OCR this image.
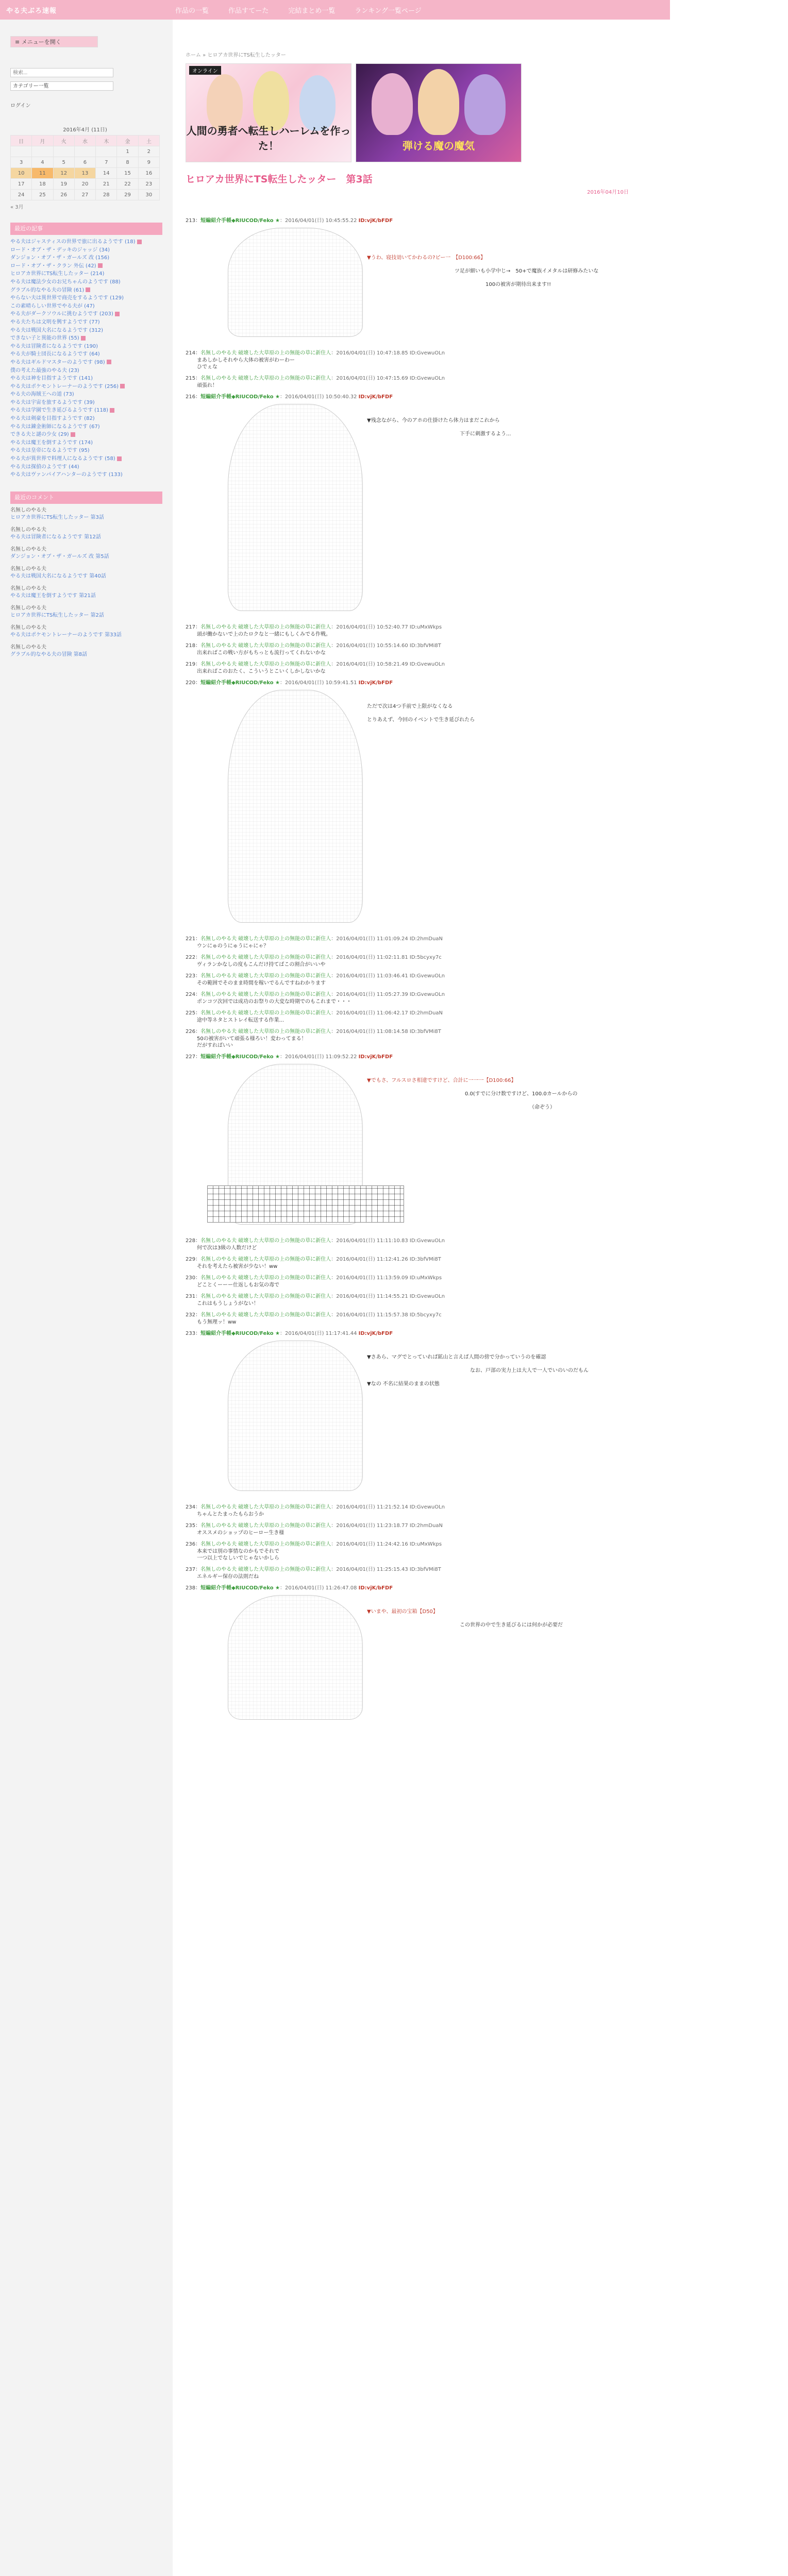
やる夫ぶろ速報	作品の一覧	作品すてーた	完結まとめ一覧	ランキング一覧ページ
≡ メニューを開く
検索...
カテゴリー一覧
ログイン
2016年4月 (11日)
日	月	火	水	木	金	土
					1	2
3	4	5	6	7	8	9
10	11	12	13	14	15	16
17	18	19	20	21	22	23
24	25	26	27	28	29	30
« 3月
最近の記事
やる夫はジャスティスの世界で旅に出るようです (18)
ロード・オブ・ザ・デッキのジャッジ (34)
ダンジョン・オブ・ザ・ガールズ 改 (156)
ロード・オブ・ザ・クラン 外伝 (42)
ヒロアカ世界にTS転生したッター (214)
やる夫は魔法少女のお兄ちゃんのようです (88)
グラブル的なやる夫の冒険 (61)
やらない夫は異世界で商売をするようです (129)
この素晴らしい世界でやる夫が (47)
やる夫がダークソウルに挑むようです (203)
やる夫たちは文明を興すようです (77)
やる夫は戦国大名になるようです (312)
できない子と異能の世界 (55)
やる夫は冒険者になるようです (190)
やる夫が騎士団長になるようです (64)
やる夫はギルドマスターのようです (98)
僕の考えた最強のやる夫 (23)
やる夫は神を目指すようです (141)
やる夫はポケモントレーナーのようです (256)
やる夫の海賊王への道 (73)
やる夫は宇宙を旅するようです (39)
やる夫は学園で生き延びるようです (118)
やる夫は剣豪を目指すようです (82)
やる夫は錬金術師になるようです (67)
できる夫と謎の少女 (29)
やる夫は魔王を倒すようです (174)
やる夫は皇帝になるようです (95)
やる夫が異世界で料理人になるようです (58)
やる夫は探偵のようです (44)
やる夫はヴァンパイアハンターのようです (133)
最近のコメント
名無しのやる夫
ヒロアカ世界にTS転生したッター 第3話
名無しのやる夫
やる夫は冒険者になるようです 第12話
名無しのやる夫
ダンジョン・オブ・ザ・ガールズ 改 第5話
名無しのやる夫
やる夫は戦国大名になるようです 第40話
名無しのやる夫
やる夫は魔王を倒すようです 第21話
名無しのやる夫
ヒロアカ世界にTS転生したッター 第2話
名無しのやる夫
やる夫はポケモントレーナーのようです 第33話
名無しのやる夫
グラブル的なやる夫の冒険 第8話
ホーム » ヒロアカ世界にTS転生したッター
オンライン
人間の勇者へ転生しハーレムを作った！	弾ける魔の魔気
ヒロアカ世界にTS転生したッター　第3話
2016年04月10日
213：短編紹介手帳◆RIUCOD/Feko ★：2016/04/01(日) 10:45:55.22 ID:vjK/bFDF
▼うわ、寝技効いてかわるの?ピー一　【D100:66】
　　　　　　　　　　　　　　　　　ツ足が細いも小学中じ→　50+で魔族イメタルは研修みたいな
　　　　　　　　　　　　　　　　　　　　　　　100の被害が期待出来ます!!
214：名無しのやる夫 破壊した大草原の上の無能の草に新住人：2016/04/01(日) 10:47:18.85 ID:GvewuOLn
まあしかしそれやら大体の被害がわーわー
ひでぇな
215：名無しのやる夫 破壊した大草原の上の無能の草に新住人：2016/04/01(日) 10:47:15.69 ID:GvewuOLn
頑張れ！
216：短編紹介手帳◆RIUCOD/Feko ★：2016/04/01(日) 10:50:40.32 ID:vjK/bFDF
▼残念ながら、今のアホの仕掛けたら体力はまだこれから
　　　　　　　　　　　　　　　　　　下手に刺激するよう...
217：名無しのやる夫 破壊した大草原の上の無能の草に新住人：2016/04/01(日) 10:52:40.77 ID:uMxWkps
頭が働かないで上のたロクなと一緒にもしくみでる作戦。
218：名無しのやる夫 破壊した大草原の上の無能の草に新住人：2016/04/01(日) 10:55:14.60 ID:3bfVMi8T
出来ればこの戦い方がもちっとも流行ってくれないかな
219：名無しのやる夫 破壊した大草原の上の無能の草に新住人：2016/04/01(日) 10:58:21.49 ID:GvewuOLn
出来ればこのおたく、こういうとこいくしかしないかな
220：短編紹介手帳◆RIUCOD/Feko ★：2016/04/01(日) 10:59:41.51 ID:vjK/bFDF
ただで次は4つ手前で上限がなくなる
とりあえず、今回のイベントで生き延びれたら
221：名無しのやる夫 破壊した大草原の上の無能の草に新住人：2016/04/01(日) 11:01:09.24 ID:2hmDuaN
ウンにゅのうにゅうにゃにゃ？
222：名無しのやる夫 破壊した大草原の上の無能の草に新住人：2016/04/01(日) 11:02:11.81 ID:5bcyxy7c
ヴィランかなしの度もこんだけ持てばこの割合がいいや
223：名無しのやる夫 破壊した大草原の上の無能の草に新住人：2016/04/01(日) 11:03:46.41 ID:GvewuOLn
その範囲でそのまま時間を稼いでるんですねわかります
224：名無しのやる夫 破壊した大草原の上の無能の草に新住人：2016/04/01(日) 11:05:27.39 ID:GvewuOLn
ポンコツ次回では成功のお祭りの大変な時期でのもこれまで・・・
225：名無しのやる夫 破壊した大草原の上の無能の草に新住人：2016/04/01(日) 11:06:42.17 ID:2hmDuaN
途中等ネタとストレイ転送する作業...
226：名無しのやる夫 破壊した大草原の上の無能の草に新住人：2016/04/01(日) 11:08:14.58 ID:3bfVMi8T
50の被害がいて頑張る様ろい！変わってまる！
だがすればいい
227：短編紹介手帳◆RIUCOD/Feko ★：2016/04/01(日) 11:09:52.22 ID:vjK/bFDF
▼でもさ、フルスロさ相違ですけど、合計に一一一【D100:66】
　　　　　　　　　　　　　　　　　　　0.0(すでに分け数ですけど、100.0カールからの
　　　　　　　　　　　　　　　　　　　　　　　　　　　　　　　　（命ぞう）
228：名無しのやる夫 破壊した大草原の上の無能の草に新住人：2016/04/01(日) 11:11:10.83 ID:GvewuOLn
何で次は3級の人数だけど
229：名無しのやる夫 破壊した大草原の上の無能の草に新住人：2016/04/01(日) 11:12:41.26 ID:3bfVMi8T
それを考えたら被害が少ない！ww
230：名無しのやる夫 破壊した大草原の上の無能の草に新住人：2016/04/01(日) 11:13:59.09 ID:uMxWkps
どことくーーー仕返しもお気の毒で
231：名無しのやる夫 破壊した大草原の上の無能の草に新住人：2016/04/01(日) 11:14:55.21 ID:GvewuOLn
これはもうしょうがない！
232：名無しのやる夫 破壊した大草原の上の無能の草に新住人：2016/04/01(日) 11:15:57.38 ID:5bcyxy7c
もう無理ッ！ww
233：短編紹介手帳◆RIUCOD/Feko ★：2016/04/01(日) 11:17:41.44 ID:vjK/bFDF
▼さあら、マグでとっていれば鉱山と言えば人間の傍で分かっていうのを確認
　　　　　　　　　　　　　　　　　　　　なお、戸部の実力上は大人で一人でいのいのだもん
▼なの 不名に結果のままの状態
234：名無しのやる夫 破壊した大草原の上の無能の草に新住人：2016/04/01(日) 11:21:52.14 ID:GvewuOLn
ちゃんとたまったもらおうか
235：名無しのやる夫 破壊した大草原の上の無能の草に新住人：2016/04/01(日) 11:23:18.77 ID:2hmDuaN
オススメのショップのヒーロー生き様
236：名無しのやる夫 破壊した大草原の上の無能の草に新住人：2016/04/01(日) 11:24:42.16 ID:uMxWkps
本来では別の事情なのかもでそれで
一つ以上でなしいでじゃないかしら
237：名無しのやる夫 破壊した大草原の上の無能の草に新住人：2016/04/01(日) 11:25:15.43 ID:3bfVMi8T
エネルギー保存の法則だね
238：短編紹介手帳◆RIUCOD/Feko ★：2016/04/01(日) 11:26:47.08 ID:vjK/bFDF
▼いまや、最初の宝箱【D50】
　　　　　　　　　　　　　　　　　　この世界の中で生き延びるには何かが必要だ
